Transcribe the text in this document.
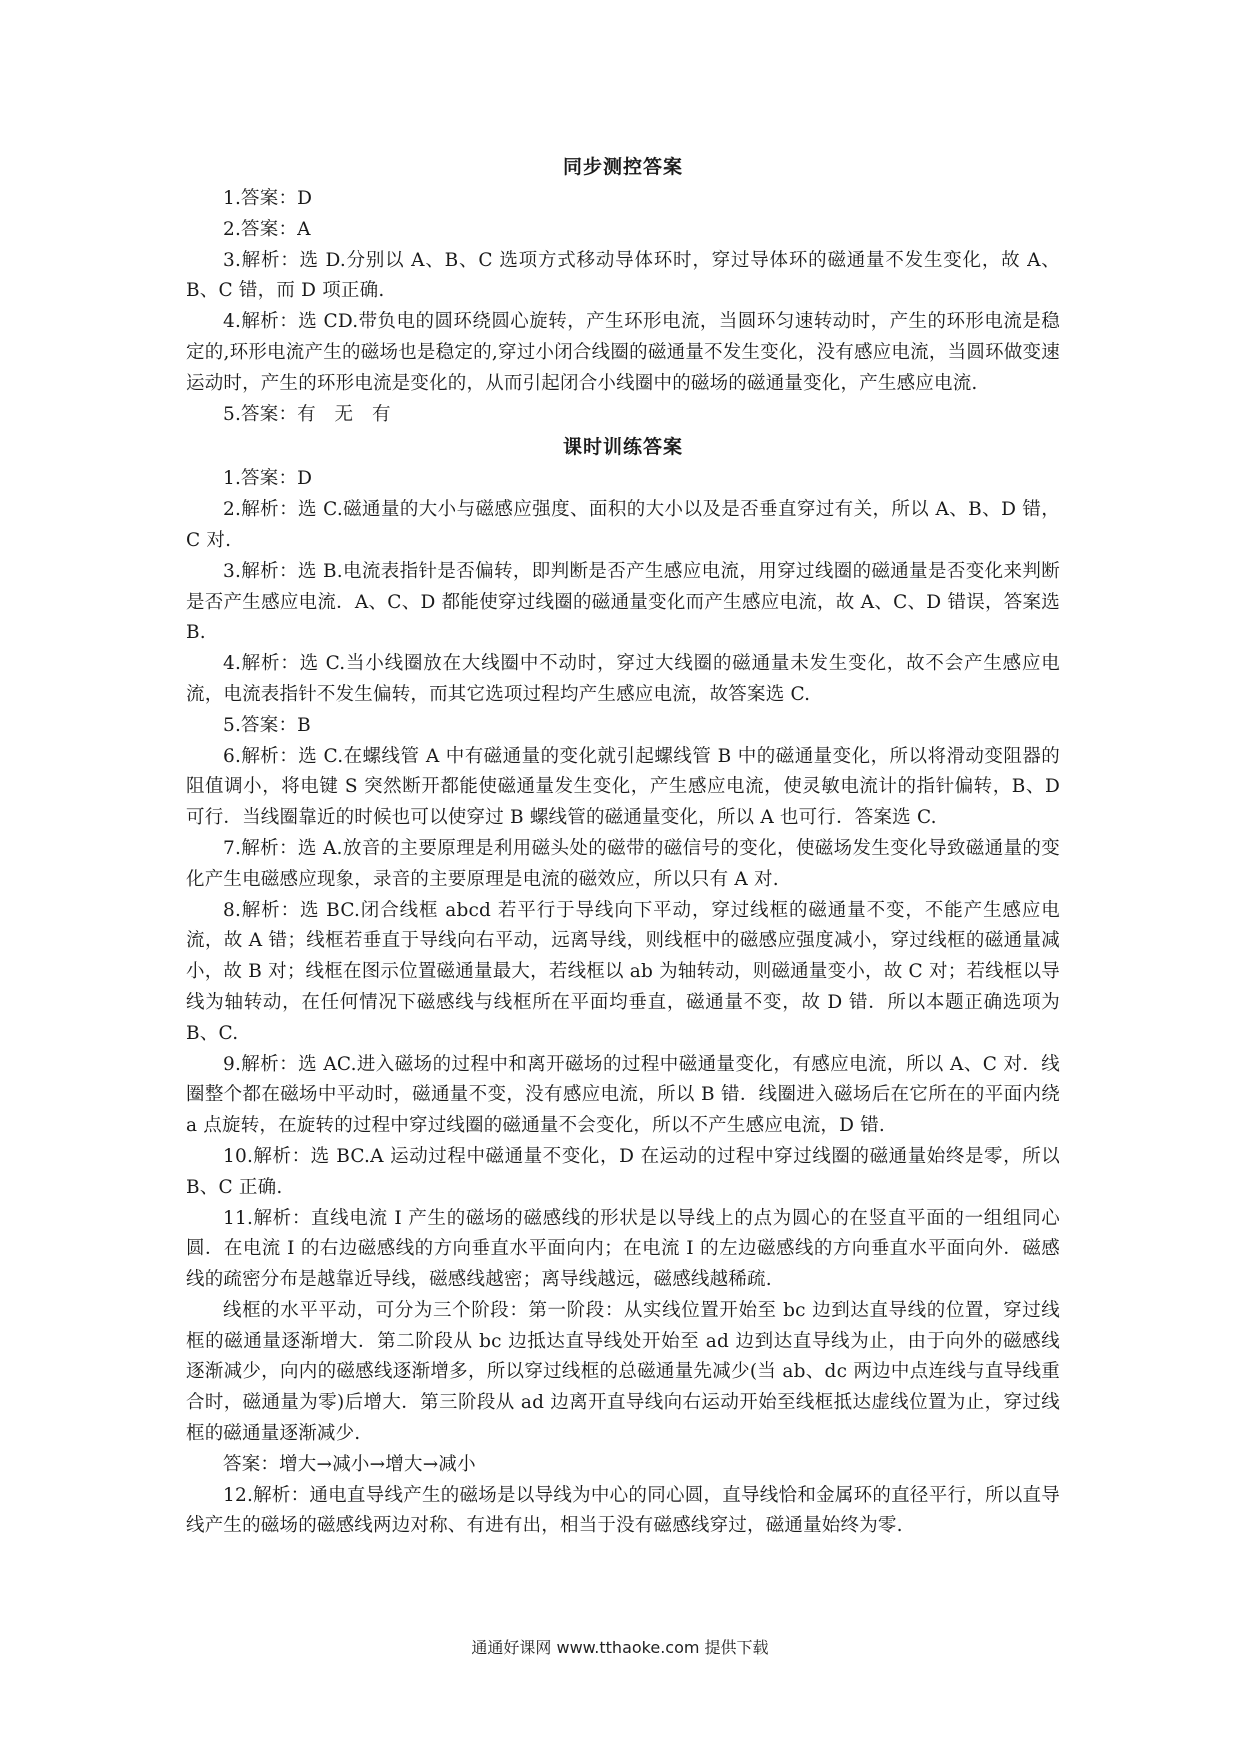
同步测控答案

1.答案：D

2.答案：A

3.解析：选 D.分别以 A、B、C 选项方式移动导体环时，穿过导体环的磁通量不发生变化，故 A、B、C 错，而 D 项正确.

4.解析：选 CD.带负电的圆环绕圆心旋转，产生环形电流，当圆环匀速转动时，产生的环形电流是稳定的,环形电流产生的磁场也是稳定的,穿过小闭合线圈的磁通量不发生变化，没有感应电流，当圆环做变速运动时，产生的环形电流是变化的，从而引起闭合小线圈中的磁场的磁通量变化，产生感应电流.

5.答案：有　无　有

课时训练答案

1.答案：D

2.解析：选 C.磁通量的大小与磁感应强度、面积的大小以及是否垂直穿过有关，所以 A、B、D 错，C 对.

3.解析：选 B.电流表指针是否偏转，即判断是否产生感应电流，用穿过线圈的磁通量是否变化来判断是否产生感应电流．A、C、D 都能使穿过线圈的磁通量变化而产生感应电流，故 A、C、D 错误，答案选 B.

4.解析：选 C.当小线圈放在大线圈中不动时，穿过大线圈的磁通量未发生变化，故不会产生感应电流，电流表指针不发生偏转，而其它选项过程均产生感应电流，故答案选 C.

5.答案：B

6.解析：选 C.在螺线管 A 中有磁通量的变化就引起螺线管 B 中的磁通量变化，所以将滑动变阻器的阻值调小，将电键 S 突然断开都能使磁通量发生变化，产生感应电流，使灵敏电流计的指针偏转，B、D 可行．当线圈靠近的时候也可以使穿过 B 螺线管的磁通量变化，所以 A 也可行．答案选 C.

7.解析：选 A.放音的主要原理是利用磁头处的磁带的磁信号的变化，使磁场发生变化导致磁通量的变化产生电磁感应现象，录音的主要原理是电流的磁效应，所以只有 A 对.

8.解析：选 BC.闭合线框 abcd 若平行于导线向下平动，穿过线框的磁通量不变，不能产生感应电流，故 A 错；线框若垂直于导线向右平动，远离导线，则线框中的磁感应强度减小，穿过线框的磁通量减小，故 B 对；线框在图示位置磁通量最大，若线框以 ab 为轴转动，则磁通量变小，故 C 对；若线框以导线为轴转动，在任何情况下磁感线与线框所在平面均垂直，磁通量不变，故 D 错．所以本题正确选项为 B、C.

9.解析：选 AC.进入磁场的过程中和离开磁场的过程中磁通量变化，有感应电流，所以 A、C 对．线圈整个都在磁场中平动时，磁通量不变，没有感应电流，所以 B 错．线圈进入磁场后在它所在的平面内绕 a 点旋转，在旋转的过程中穿过线圈的磁通量不会变化，所以不产生感应电流，D 错.

10.解析：选 BC.A 运动过程中磁通量不变化，D 在运动的过程中穿过线圈的磁通量始终是零，所以 B、C 正确.

11.解析：直线电流 I 产生的磁场的磁感线的形状是以导线上的点为圆心的在竖直平面的一组组同心圆．在电流 I 的右边磁感线的方向垂直水平面向内；在电流 I 的左边磁感线的方向垂直水平面向外．磁感线的疏密分布是越靠近导线，磁感线越密；离导线越远，磁感线越稀疏.

线框的水平平动，可分为三个阶段：第一阶段：从实线位置开始至 bc 边到达直导线的位置，穿过线框的磁通量逐渐增大．第二阶段从 bc 边抵达直导线处开始至 ad 边到达直导线为止，由于向外的磁感线逐渐减少，向内的磁感线逐渐增多，所以穿过线框的总磁通量先减少(当 ab、dc 两边中点连线与直导线重合时，磁通量为零)后增大．第三阶段从 ad 边离开直导线向右运动开始至线框抵达虚线位置为止，穿过线框的磁通量逐渐减少.

答案：增大→减小→增大→减小

12.解析：通电直导线产生的磁场是以导线为中心的同心圆，直导线恰和金属环的直径平行，所以直导线产生的磁场的磁感线两边对称、有进有出，相当于没有磁感线穿过，磁通量始终为零.

通通好课网 www.tthaoke.com 提供下载
